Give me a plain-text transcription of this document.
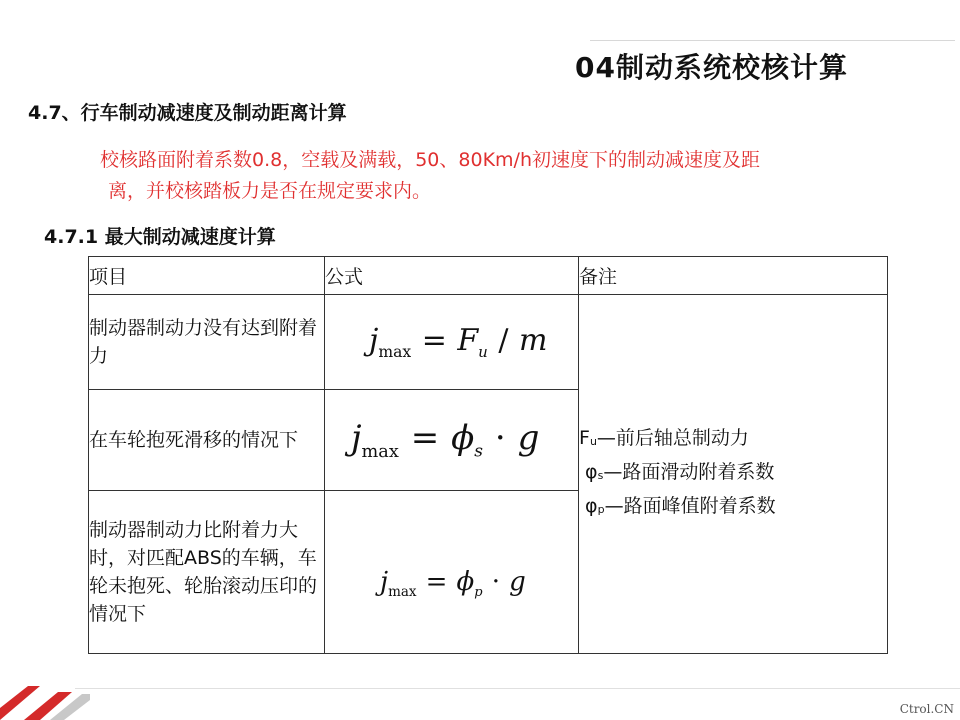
04制动系统校核计算
4.7、行车制动减速度及制动距离计算
校核路面附着系数0.8，空载及满载，50、80Km/h初速度下的制动减速度及距
离，并校核踏板力是否在规定要求内。
4.7.1 最大制动减速度计算
项目	公式	备注
制动器制动力没有达到附着力	$j_{max} = F_u / m$	$F_u—$前后轴总制动力
$\varphi_s—$路面滑动附着系数
$\varphi_p—$路面峰值附着系数

在车轮抱死滑移的情况下	$j_{max} = \phi_s \cdot g$	

制动器制动力比附着力大时，对匹配ABS的车辆，车轮未抱死、轮胎滚动压印的情况下	$j_{max} = \phi_p \cdot g$	
Ctrol.CN
